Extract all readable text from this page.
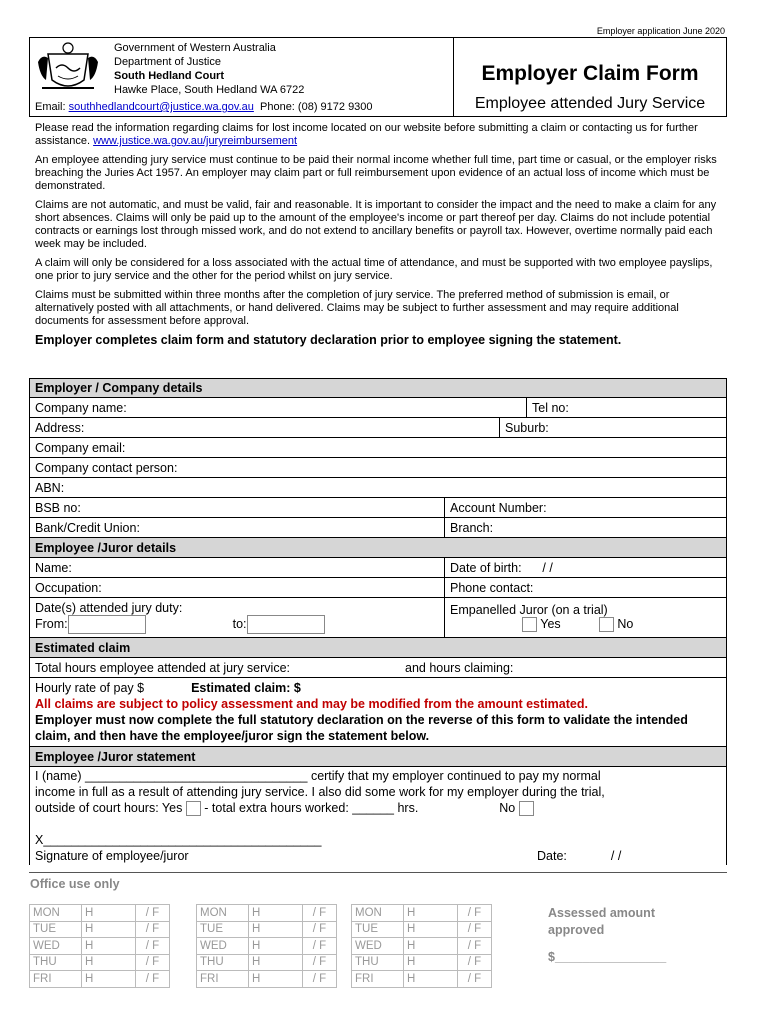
Employer application June 2020
Government of Western Australia
Department of Justice
South Hedland Court
Hawke Place, South Hedland WA 6722
Email: southhedlandcourt@justice.wa.gov.au Phone: (08) 9172 9300
Employer Claim Form
Employee attended Jury Service

Please read the information regarding claims for lost income located on our website before submitting a claim or contacting us for further assistance. www.justice.wa.gov.au/juryreimbursement

An employee attending jury service must continue to be paid their normal income whether full time, part time or casual, or the employer risks breaching the Juries Act 1957. An employer may claim part or full reimbursement upon evidence of an actual loss of income which must be demonstrated.

Claims are not automatic, and must be valid, fair and reasonable. It is important to consider the impact and the need to make a claim for any short absences. Claims will only be paid up to the amount of the employee's income or part thereof per day. Claims do not include potential contracts or earnings lost through missed work, and do not extend to ancillary benefits or payroll tax. However, overtime normally paid each week may be included.

A claim will only be considered for a loss associated with the actual time of attendance, and must be supported with two employee payslips, one prior to jury service and the other for the period whilst on jury service.

Claims must be submitted within three months after the completion of jury service. The preferred method of submission is email, or alternatively posted with all attachments, or hand delivered. Claims may be subject to further assessment and may require additional documents for assessment before approval.

Employer completes claim form and statutory declaration prior to employee signing the statement.

Employer / Company details
Company name:	Tel no:
Address:	Suburb:
Company email:
Company contact person:
ABN:
BSB no:	Account Number:
Bank/Credit Union:	Branch:
Employee /Juror details
Name:	Date of birth:
/ /
Occupation:	Phone contact:
Date(s) attended jury duty:
From:	to:
Empanelled Juror (on a trial)
Yes	No
Estimated claim
Total hours employee attended at jury service:	and hours claiming:
Hourly rate of pay $	Estimated claim: $
All claims are subject to policy assessment and may be modified from the amount estimated.
Employer must now complete the full statutory declaration on the reverse of this form to validate the intended claim, and then have the employee/juror sign the statement below.
Employee /Juror statement
I (name) ________________________________ certify that my employer continued to pay my normal
income in full as a result of attending jury service. I also did some work for my employer during the trial,
outside of court hours: Yes - total extra hours worked: ______ hrs.	No
X________________________________________
Signature of employee/juror	Date:	/ /
Office use only
MON	H	/ F
TUE	H	/ F
WED	H	/ F
THU	H	/ F
FRI	H	/ F
MON	H	/ F
TUE	H	/ F
WED	H	/ F
THU	H	/ F
FRI	H	/ F
MON	H	/ F
TUE	H	/ F
WED	H	/ F
THU	H	/ F
FRI	H	/ F
Assessed amount approved
$________________
